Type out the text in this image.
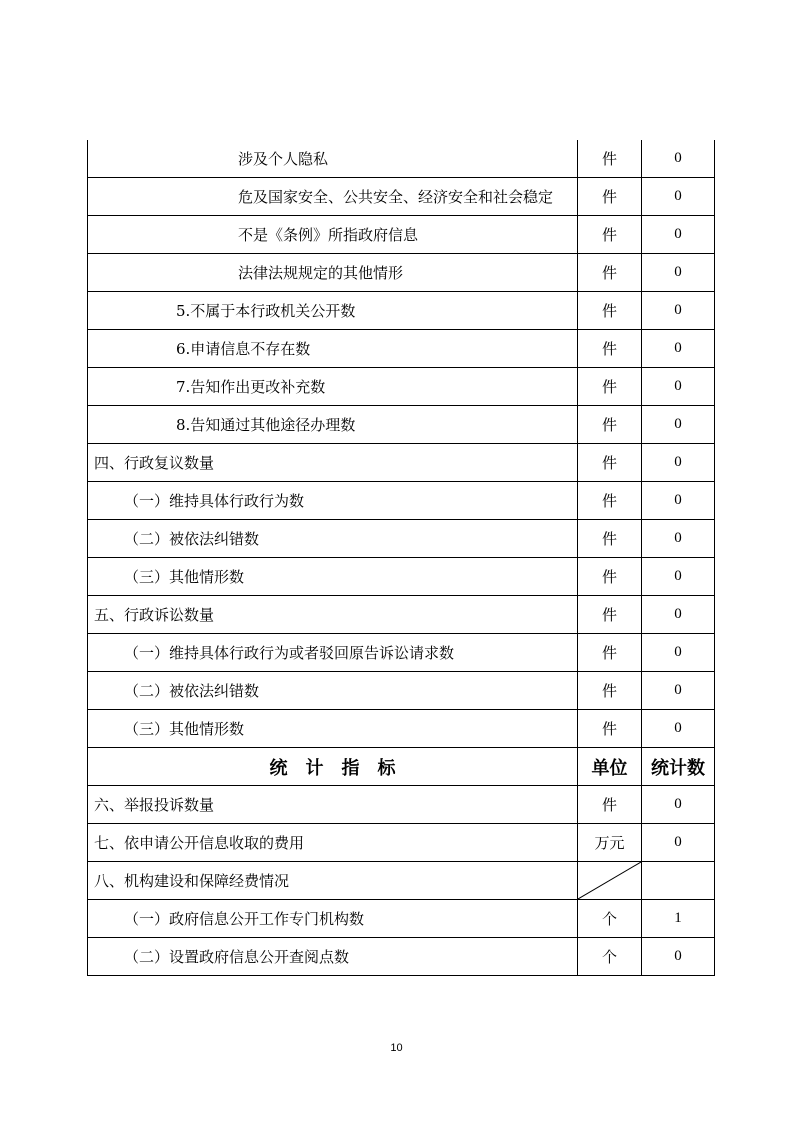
涉及个人隐私	件	0
危及国家安全、公共安全、经济安全和社会稳定	件	0
不是《条例》所指政府信息	件	0
法律法规规定的其他情形	件	0
5.不属于本行政机关公开数	件	0
6.申请信息不存在数	件	0
7.告知作出更改补充数	件	0
8.告知通过其他途径办理数	件	0
四、行政复议数量	件	0
（一）维持具体行政行为数	件	0
（二）被依法纠错数	件	0
（三）其他情形数	件	0
五、行政诉讼数量	件	0
（一）维持具体行政行为或者驳回原告诉讼请求数	件	0
（二）被依法纠错数	件	0
（三）其他情形数	件	0
统计指标	单位	统计数
六、举报投诉数量	件	0
七、依申请公开信息收取的费用	万元	0
八、机构建设和保障经费情况
（一）政府信息公开工作专门机构数	个	1
（二）设置政府信息公开查阅点数	个	0
10
